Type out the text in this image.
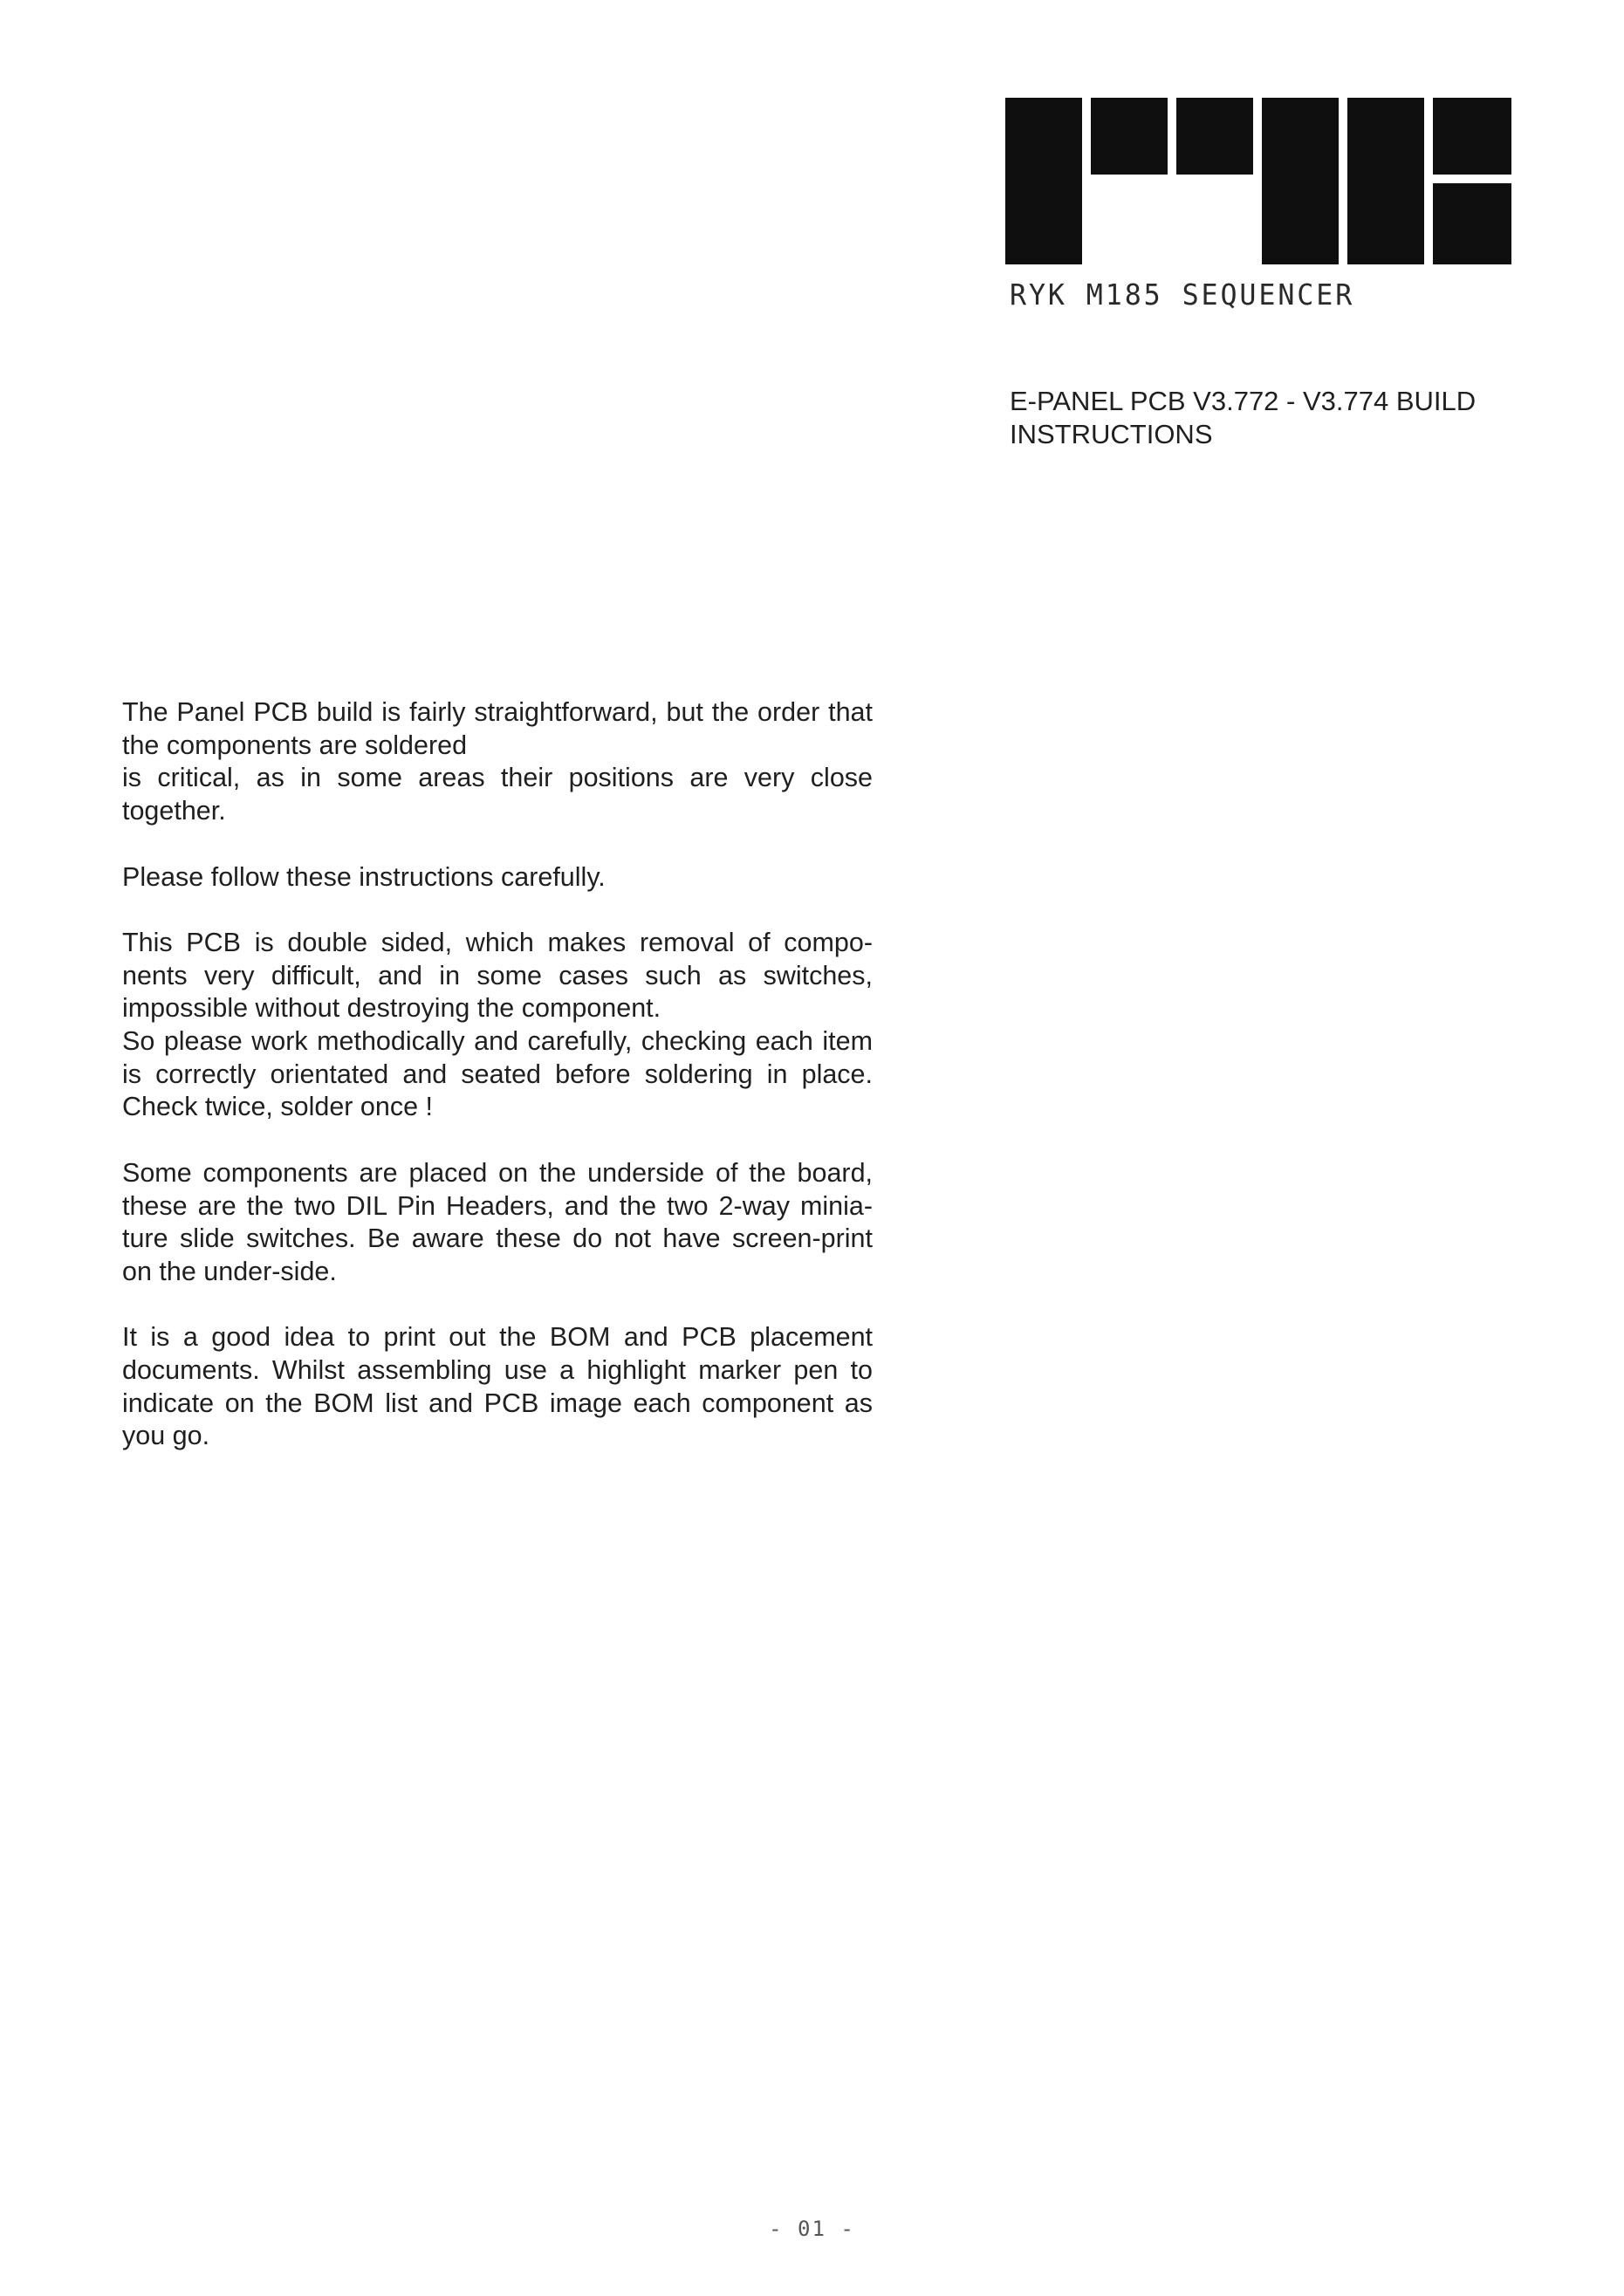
RYK M185 SEQUENCER
E-PANEL PCB V3.772 - V3.774 BUILD
INSTRUCTIONS

The Panel PCB build is fairly straightforward, but the order that
the components are soldered
is critical, as in some areas their positions are very close
together.

Please follow these instructions carefully.

This PCB is double sided, which makes removal of compo-
nents very difficult, and in some cases such as switches,
impossible without destroying the component.
So please work methodically and carefully, checking each item
is correctly orientated and seated before soldering in place.
Check twice, solder once !

Some components are placed on the underside of the board,
these are the two DIL Pin Headers, and the two 2-way minia-
ture slide switches. Be aware these do not have screen-print
on the under-side.

It is a good idea to print out the BOM and PCB placement
documents. Whilst assembling use a highlight marker pen to
indicate on the BOM list and PCB image each component as
you go.

- 01 -
